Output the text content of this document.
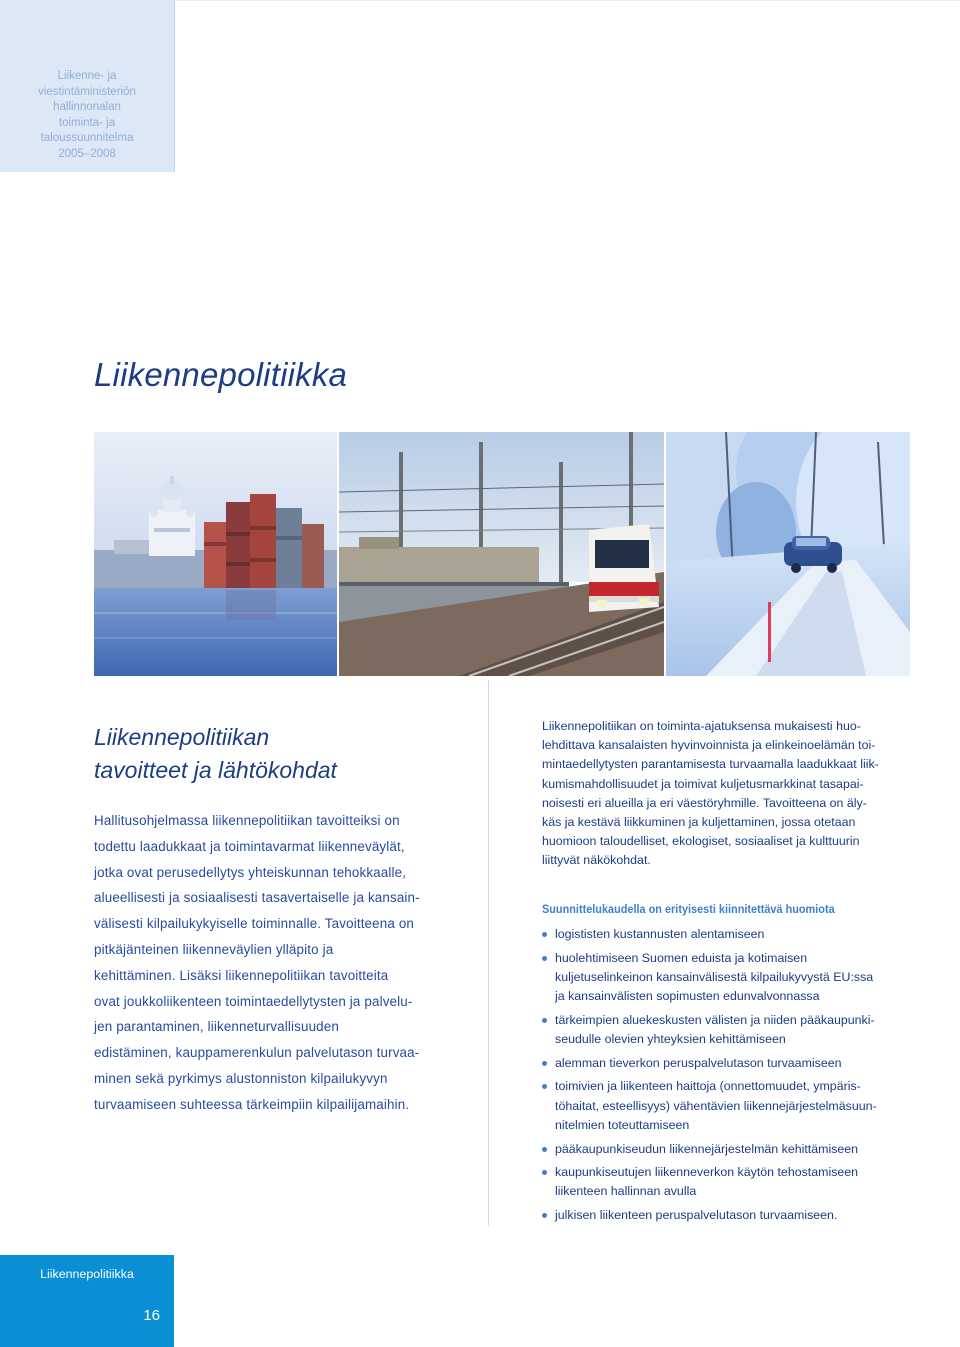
Liikenne- ja
viestintäministeriön
hallinnonalan
toiminta- ja
taloussuunnitelma
2005–2008
Liikennepolitiikka
Liikennepolitiikan
tavoitteet ja lähtökohdat
Hallitusohjelmassa liikennepolitiikan tavoitteiksi on
todettu laadukkaat ja toimintavarmat liikenneväylät,
jotka ovat perusedellytys yhteiskunnan tehokkaalle,
alueellisesti ja sosiaalisesti tasavertaiselle ja kansain-
välisesti kilpailukykyiselle toiminnalle. Tavoitteena on
pitkäjänteinen liikenneväylien ylläpito ja
kehittäminen. Lisäksi liikennepolitiikan tavoitteita
ovat joukkoliikenteen toimintaedellytysten ja palvelu-
jen parantaminen, liikenneturvallisuuden
edistäminen, kauppamerenkulun palvelutason turvaa-
minen sekä pyrkimys alustonniston kilpailukyvyn
turvaamiseen suhteessa tärkeimpiin kilpailijamaihin.
Liikennepolitiikan on toiminta-ajatuksensa mukaisesti huo-
lehdittava kansalaisten hyvinvoinnista ja elinkeinoelämän toi-
mintaedellytysten parantamisesta turvaamalla laadukkaat liik-
kumismahdollisuudet ja toimivat kuljetusmarkkinat tasapai-
noisesti eri alueilla ja eri väestöryhmille. Tavoitteena on äly-
käs ja kestävä liikkuminen ja kuljettaminen, jossa otetaan
huomioon taloudelliset, ekologiset, sosiaaliset ja kulttuurin
liittyvät näkökohdat.
Suunnittelukaudella on erityisesti kiinnitettävä huomiota
logististen kustannusten alentamiseen
huolehtimiseen Suomen eduista ja kotimaisen
kuljetuselinkeinon kansainvälisestä kilpailukyvystä EU:ssa
ja kansainvälisten sopimusten edunvalvonnassa
tärkeimpien aluekeskusten välisten ja niiden pääkaupunki-
seudulle olevien yhteyksien kehittämiseen
alemman tieverkon peruspalvelutason turvaamiseen
toimivien ja liikenteen haittoja (onnettomuudet, ympäris-
töhaitat, esteellisyys) vähentävien liikennejärjestelmäsuun-
nitelmien toteuttamiseen
pääkaupunkiseudun liikennejärjestelmän kehittämiseen
kaupunkiseutujen liikenneverkon käytön tehostamiseen
liikenteen hallinnan avulla
julkisen liikenteen peruspalvelutason turvaamiseen.
Liikennepolitiikka
16
